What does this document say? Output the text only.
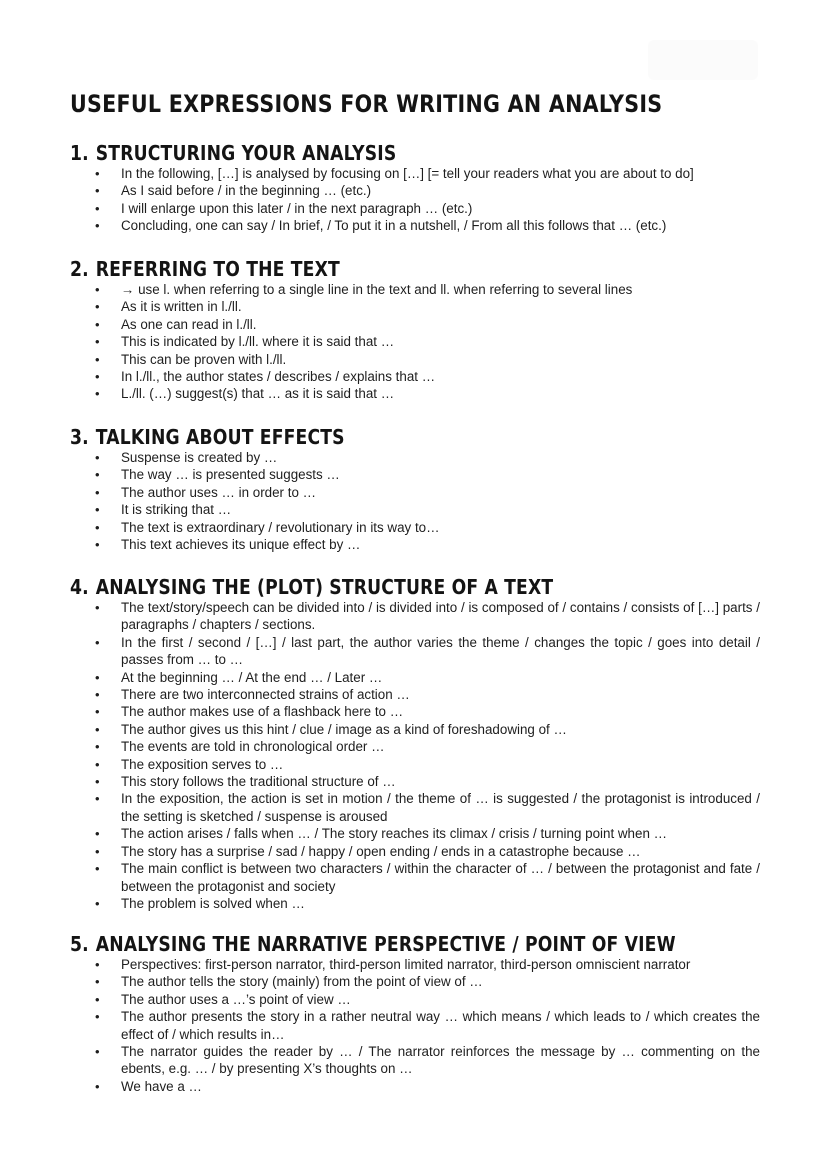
USEFUL EXPRESSIONS FOR WRITING AN ANALYSIS
1. STRUCTURING YOUR ANALYSIS
• In the following, […] is analysed by focusing on […] [= tell your readers what you are about to do]
• As I said before / in the beginning … (etc.)
• I will enlarge upon this later / in the next paragraph … (etc.)
• Concluding, one can say / In brief, / To put it in a nutshell, / From all this follows that … (etc.)
2. REFERRING TO THE TEXT
• → use l. when referring to a single line in the text and ll. when referring to several lines
• As it is written in l./ll.
• As one can read in l./ll.
• This is indicated by l./ll. where it is said that …
• This can be proven with l./ll.
• In l./ll., the author states / describes / explains that …
• L./ll. (…) suggest(s) that … as it is said that …
3. TALKING ABOUT EFFECTS
• Suspense is created by …
• The way … is presented suggests …
• The author uses … in order to …
• It is striking that …
• The text is extraordinary / revolutionary in its way to…
• This text achieves its unique effect by …
4. ANALYSING THE (PLOT) STRUCTURE OF A TEXT
• The text/story/speech can be divided into / is divided into / is composed of / contains / consists of […] parts / paragraphs / chapters / sections.
• In the first / second / […] / last part, the author varies the theme / changes the topic / goes into detail / passes from … to …
• At the beginning … / At the end … / Later …
• There are two interconnected strains of action …
• The author makes use of a flashback here to …
• The author gives us this hint / clue / image as a kind of foreshadowing of …
• The events are told in chronological order …
• The exposition serves to …
• This story follows the traditional structure of …
• In the exposition, the action is set in motion / the theme of … is suggested / the protagonist is introduced / the setting is sketched / suspense is aroused
• The action arises / falls when … / The story reaches its climax / crisis / turning point when …
• The story has a surprise / sad / happy / open ending / ends in a catastrophe because …
• The main conflict is between two characters / within the character of … / between the protagonist and fate / between the protagonist and society
• The problem is solved when …
5. ANALYSING THE NARRATIVE PERSPECTIVE / POINT OF VIEW
• Perspectives: first-person narrator, third-person limited narrator, third-person omniscient narrator
• The author tells the story (mainly) from the point of view of …
• The author uses a …’s point of view …
• The author presents the story in a rather neutral way … which means / which leads to / which creates the effect of / which results in…
• The narrator guides the reader by … / The narrator reinforces the message by … commenting on the ebents, e.g. … / by presenting X’s thoughts on …
• We have a …
